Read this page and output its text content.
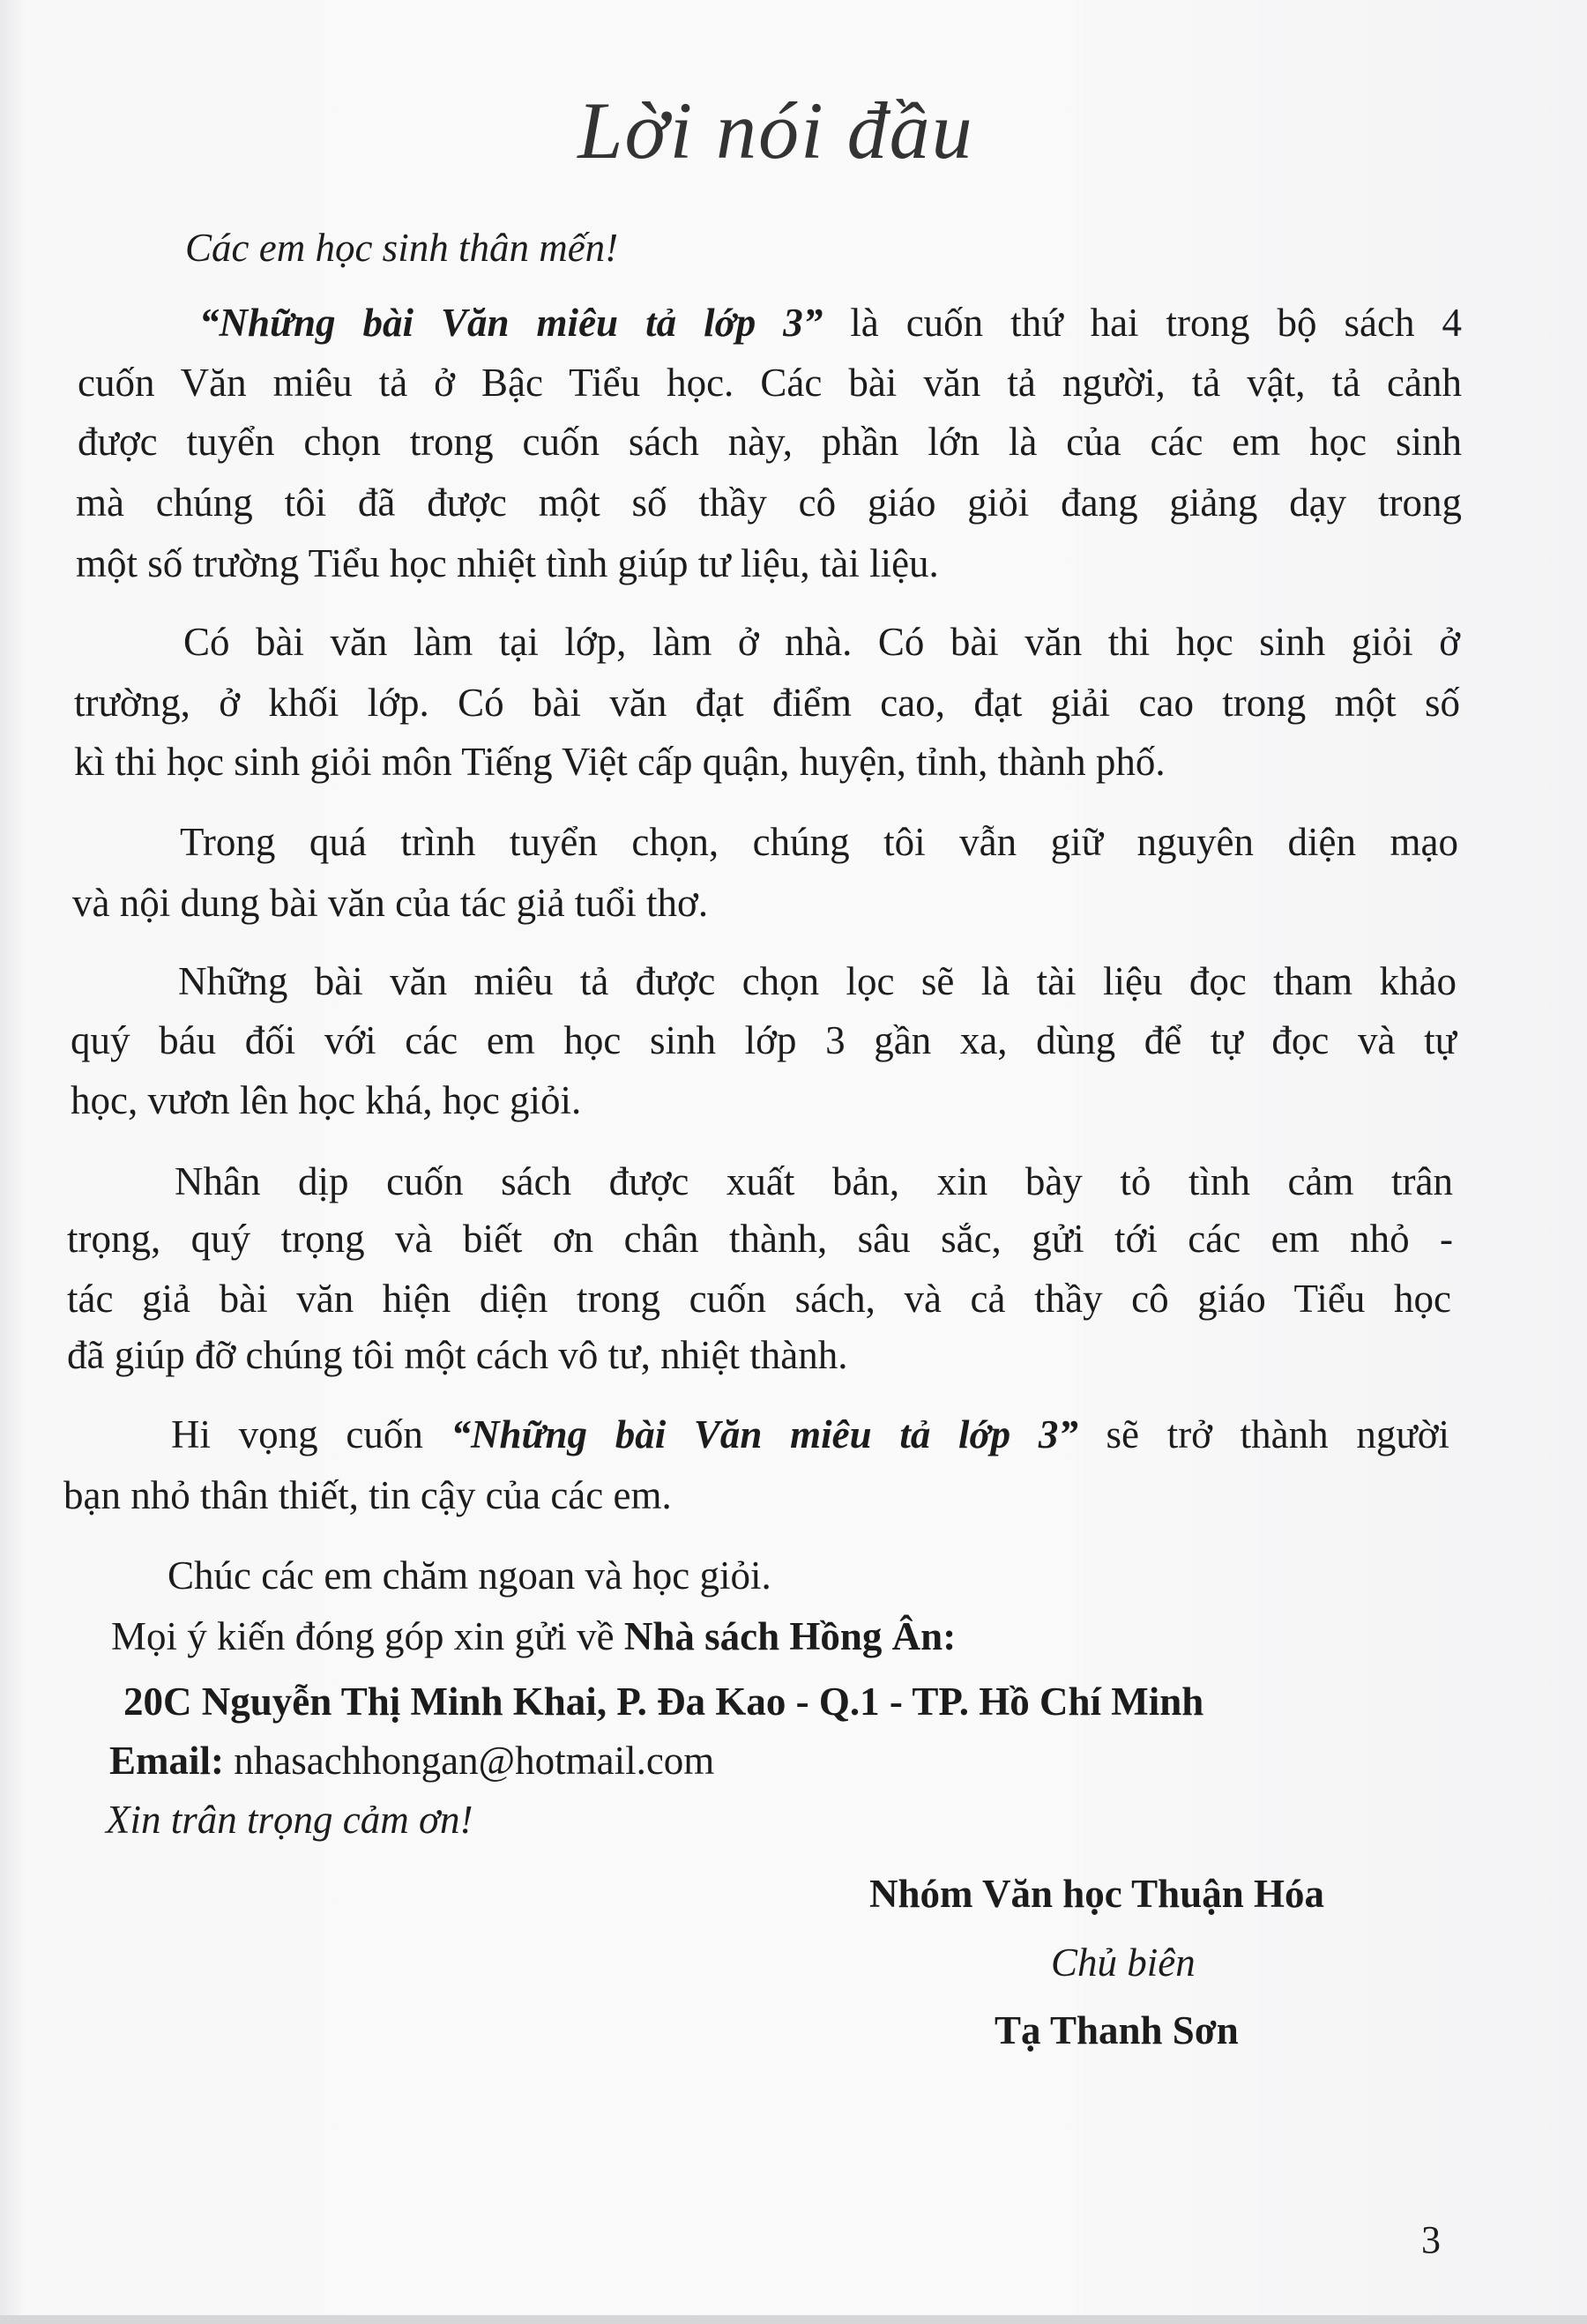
Lời nói đầu
Các em học sinh thân mến!
“Những bài Văn miêu tả lớp 3” là cuốn thứ hai trong bộ sách 4
cuốn Văn miêu tả ở Bậc Tiểu học. Các bài văn tả người, tả vật, tả cảnh
được tuyển chọn trong cuốn sách này, phần lớn là của các em học sinh
mà chúng tôi đã được một số thầy cô giáo giỏi đang giảng dạy trong
một số trường Tiểu học nhiệt tình giúp tư liệu, tài liệu.
Có bài văn làm tại lớp, làm ở nhà. Có bài văn thi học sinh giỏi ở
trường, ở khối lớp. Có bài văn đạt điểm cao, đạt giải cao trong một số
kì thi học sinh giỏi môn Tiếng Việt cấp quận, huyện, tỉnh, thành phố.
Trong quá trình tuyển chọn, chúng tôi vẫn giữ nguyên diện mạo
và nội dung bài văn của tác giả tuổi thơ.
Những bài văn miêu tả được chọn lọc sẽ là tài liệu đọc tham khảo
quý báu đối với các em học sinh lớp 3 gần xa, dùng để tự đọc và tự
học, vươn lên học khá, học giỏi.
Nhân dịp cuốn sách được xuất bản, xin bày tỏ tình cảm trân
trọng, quý trọng và biết ơn chân thành, sâu sắc, gửi tới các em nhỏ -
tác giả bài văn hiện diện trong cuốn sách, và cả thầy cô giáo Tiểu học
đã giúp đỡ chúng tôi một cách vô tư, nhiệt thành.
Hi vọng cuốn “Những bài Văn miêu tả lớp 3” sẽ trở thành người
bạn nhỏ thân thiết, tin cậy của các em.
Chúc các em chăm ngoan và học giỏi.
Mọi ý kiến đóng góp xin gửi về Nhà sách Hồng Ân:
20C Nguyễn Thị Minh Khai, P. Đa Kao - Q.1 - TP. Hồ Chí Minh
Email: nhasachhongan@hotmail.com
Xin trân trọng cảm ơn!
Nhóm Văn học Thuận Hóa
Chủ biên
Tạ Thanh Sơn
3
